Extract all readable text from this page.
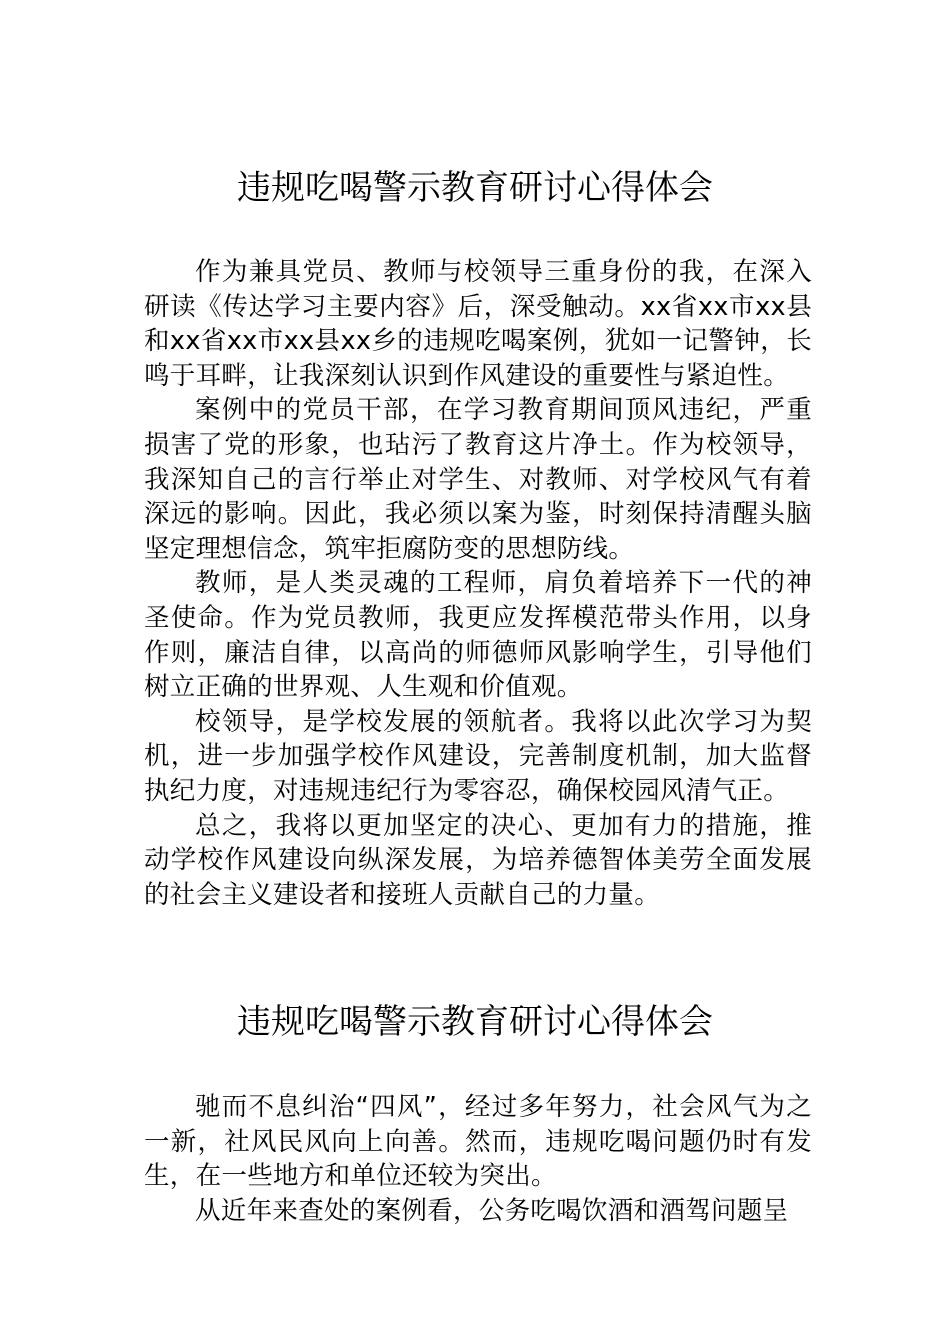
违规吃喝警示教育研讨心得体会

作为兼具党员、教师与校领导三重身份的我，在深入研读《传达学习主要内容》后，深受触动。xx省xx市xx县和xx省xx市xx县xx乡的违规吃喝案例，犹如一记警钟，长鸣于耳畔，让我深刻认识到作风建设的重要性与紧迫性。

案例中的党员干部，在学习教育期间顶风违纪，严重损害了党的形象，也玷污了教育这片净土。作为校领导，我深知自己的言行举止对学生、对教师、对学校风气有着深远的影响。因此，我必须以案为鉴，时刻保持清醒头脑坚定理想信念，筑牢拒腐防变的思想防线。

教师，是人类灵魂的工程师，肩负着培养下一代的神圣使命。作为党员教师，我更应发挥模范带头作用，以身作则，廉洁自律，以高尚的师德师风影响学生，引导他们树立正确的世界观、人生观和价值观。

校领导，是学校发展的领航者。我将以此次学习为契机，进一步加强学校作风建设，完善制度机制，加大监督执纪力度，对违规违纪行为零容忍，确保校园风清气正。

总之，我将以更加坚定的决心、更加有力的措施，推动学校作风建设向纵深发展，为培养德智体美劳全面发展的社会主义建设者和接班人贡献自己的力量。

违规吃喝警示教育研讨心得体会

驰而不息纠治“四风”，经过多年努力，社会风气为之一新，社风民风向上向善。然而，违规吃喝问题仍时有发生，在一些地方和单位还较为突出。

从近年来查处的案例看，公务吃喝饮酒和酒驾问题呈
